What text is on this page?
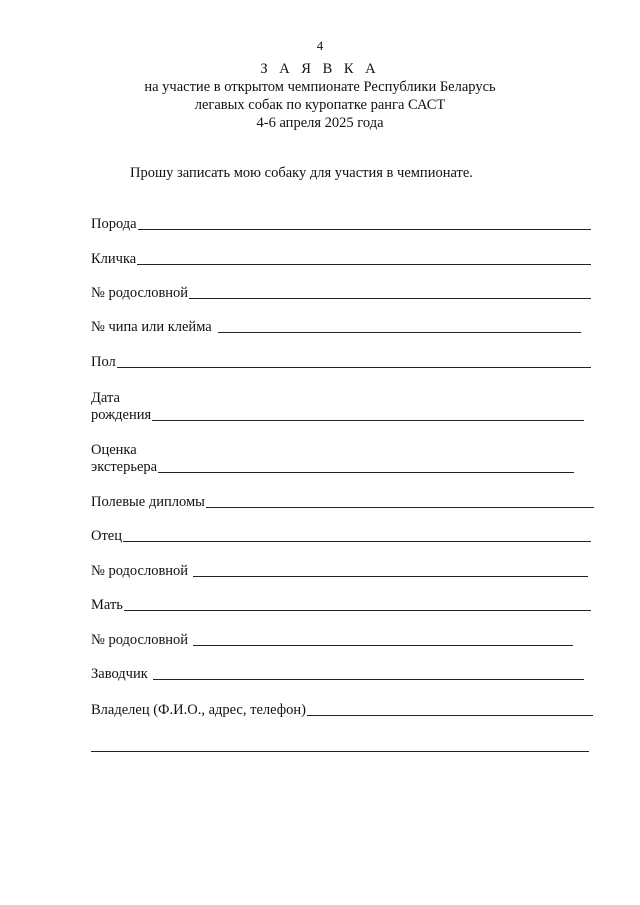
4
З А Я В К А
на участие в открытом чемпионате Республики Беларусь
легавых собак по куропатке ранга САСТ
4-6 апреля 2025 года
Прошу записать мою собаку для участия в чемпионате.
Порода
Кличка
№ родословной
№ чипа или клейма
Пол
Дата
рождения
Оценка
экстерьера
Полевые дипломы
Отец
№ родословной
Мать
№ родословной
Заводчик
Владелец (Ф.И.О., адрес, телефон)
